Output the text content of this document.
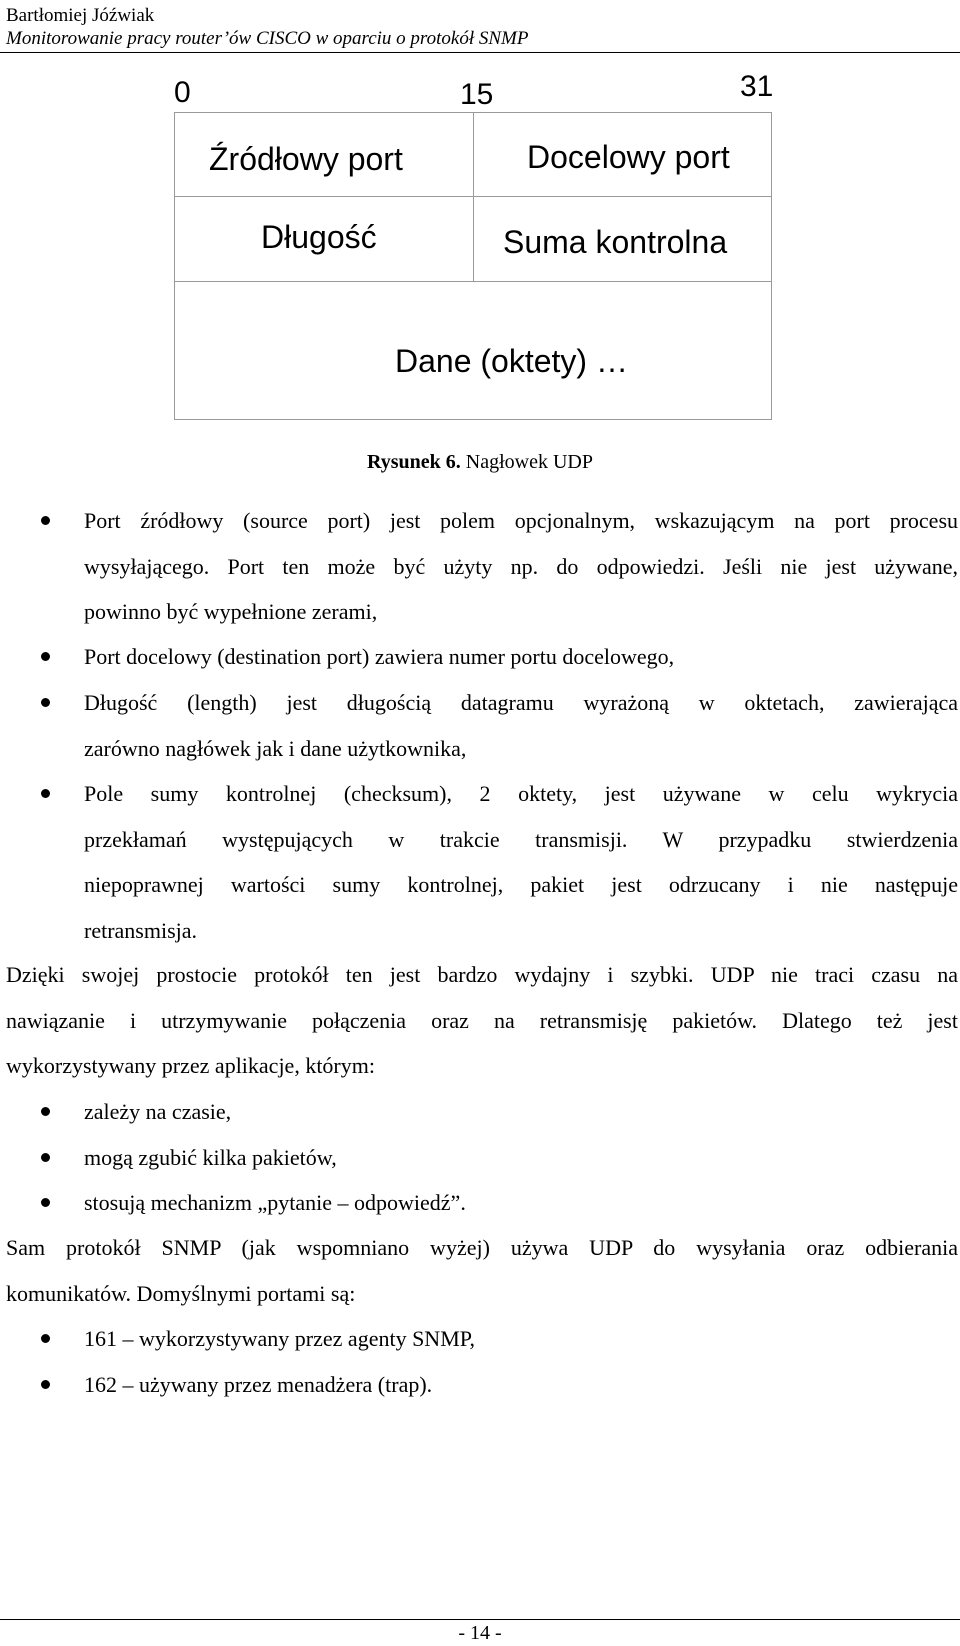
Bartłomiej Jóźwiak
Monitorowanie pracy router’ów CISCO w oparciu o protokół SNMP
0	15	31
Źródłowy port	Docelowy port
Długość	Suma kontrolna
Dane (oktety) …
Rysunek 6. Nagłowek UDP
Port źródłowy (source port) jest polem opcjonalnym, wskazującym na port procesu
wysyłającego. Port ten może być użyty np. do odpowiedzi. Jeśli nie jest używane,
powinno być wypełnione zerami,
Port docelowy (destination port) zawiera numer portu docelowego,
Długość (length) jest długością datagramu wyrażoną w oktetach, zawierająca
zarówno nagłówek jak i dane użytkownika,
Pole sumy kontrolnej (checksum), 2 oktety, jest używane w celu wykrycia
przekłamań występujących w trakcie transmisji. W przypadku stwierdzenia
niepoprawnej wartości sumy kontrolnej, pakiet jest odrzucany i nie następuje
retransmisja.
Dzięki swojej prostocie protokół ten jest bardzo wydajny i szybki. UDP nie traci czasu na
nawiązanie i utrzymywanie połączenia oraz na retransmisję pakietów. Dlatego też jest
wykorzystywany przez aplikacje, którym:
zależy na czasie,
mogą zgubić kilka pakietów,
stosują mechanizm „pytanie – odpowiedź”.
Sam protokół SNMP (jak wspomniano wyżej) używa UDP do wysyłania oraz odbierania
komunikatów. Domyślnymi portami są:
161 – wykorzystywany przez agenty SNMP,
162 – używany przez menadżera (trap).
- 14 -
